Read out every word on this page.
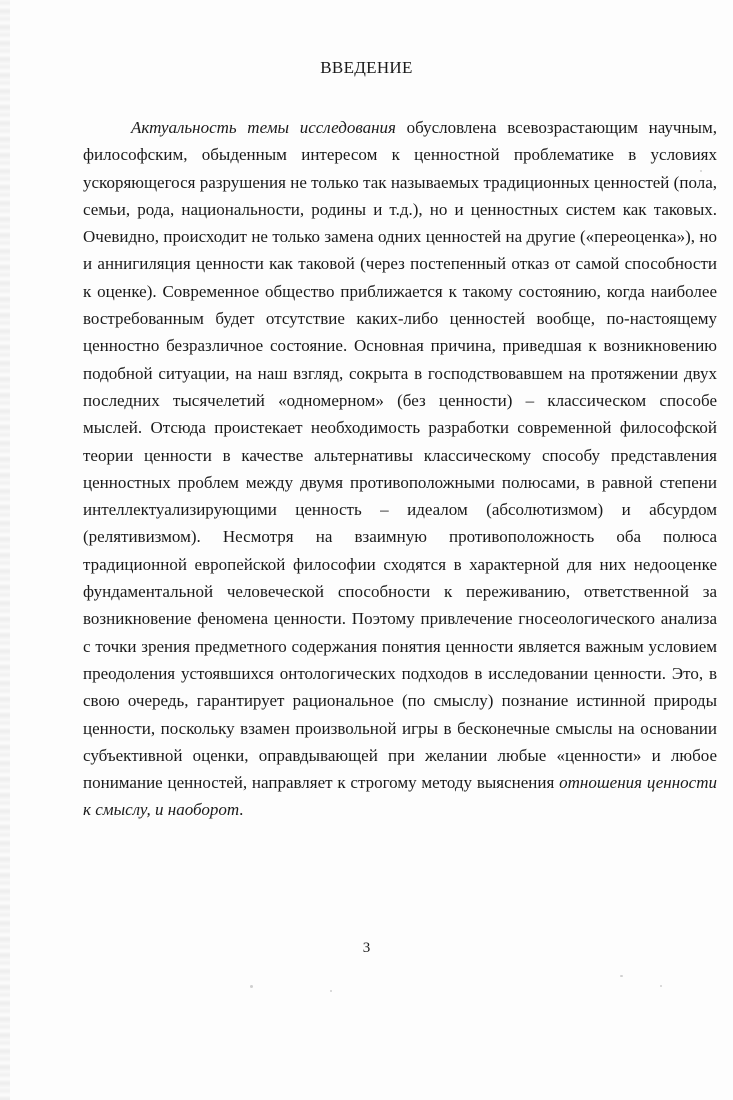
ВВЕДЕНИЕ

Актуальность темы исследования обусловлена всевозрастающим научным, философским, обыденным интересом к ценностной проблематике в условиях ускоряющегося разрушения не только так называемых традиционных ценностей (пола, семьи, рода, национальности, родины и т.д.), но и ценностных систем как таковых. Очевидно, происходит не только замена одних ценностей на другие («переоценка»), но и аннигиляция ценности как таковой (через постепенный отказ от самой способности к оценке). Современное общество приближается к такому состоянию, когда наиболее востребованным будет отсутствие каких-либо ценностей вообще, по-настоящему ценностно безразличное состояние. Основная причина, приведшая к возникновению подобной ситуации, на наш взгляд, сокрыта в господствовавшем на протяжении двух последних тысячелетий «одномерном» (без ценности) – классическом способе мыслей. Отсюда проистекает необходимость разработки современной философской теории ценности в качестве альтернативы классическому способу представления ценностных проблем между двумя противоположными полюсами, в равной степени интеллектуализирующими ценность – идеалом (абсолютизмом) и абсурдом (релятивизмом). Несмотря на взаимную противоположность оба полюса традиционной европейской философии сходятся в характерной для них недооценке фундаментальной человеческой способности к переживанию, ответственной за возникновение феномена ценности. Поэтому привлечение гносеологического анализа с точки зрения предметного содержания понятия ценности является важным условием преодоления устоявшихся онтологических подходов в исследовании ценности. Это, в свою очередь, гарантирует рациональное (по смыслу) познание истинной природы ценности, поскольку взамен произвольной игры в бесконечные смыслы на основании субъективной оценки, оправдывающей при желании любые «ценности» и любое понимание ценностей, направляет к строгому методу выяснения отношения ценности к смыслу, и наоборот.

3
